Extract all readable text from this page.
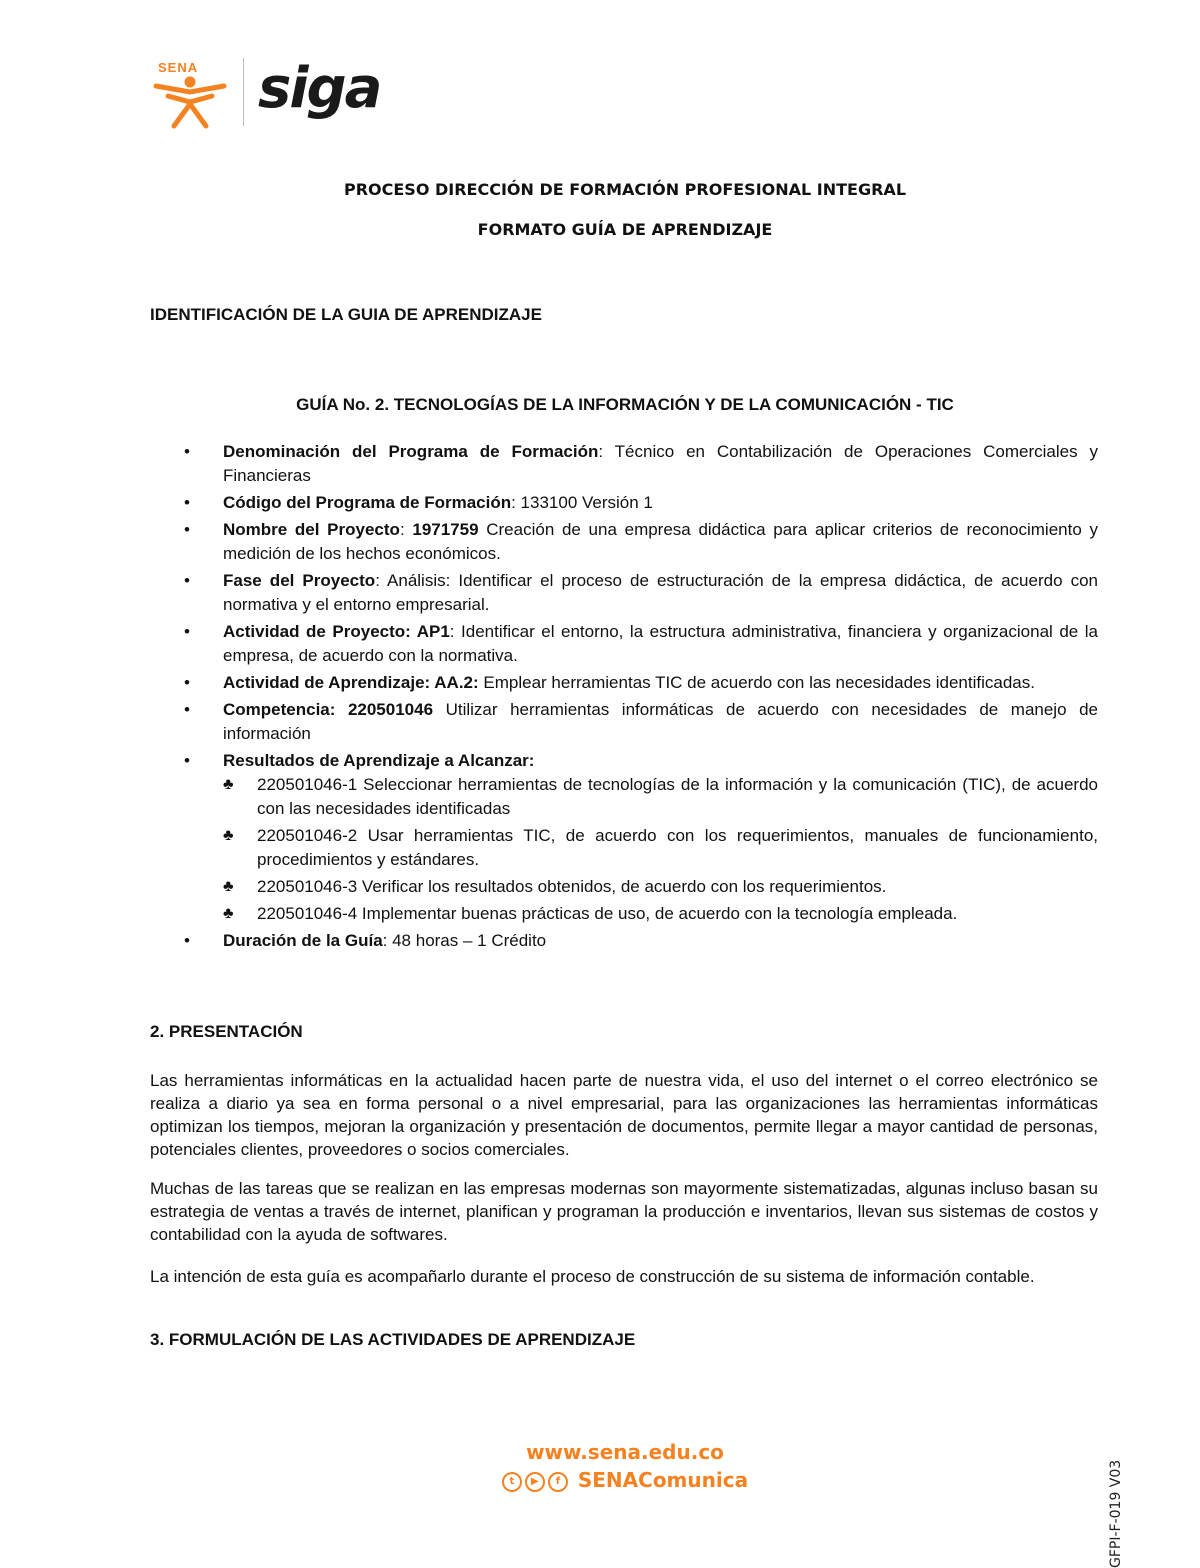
SENA siga
PROCESO DIRECCIÓN DE FORMACIÓN PROFESIONAL INTEGRAL
FORMATO GUÍA DE APRENDIZAJE
IDENTIFICACIÓN DE LA GUIA DE APRENDIZAJE
GUÍA No. 2. TECNOLOGÍAS DE LA INFORMACIÓN Y DE LA COMUNICACIÓN - TIC
• Denominación del Programa de Formación: Técnico en Contabilización de Operaciones Comerciales y Financieras
• Código del Programa de Formación: 133100 Versión 1
• Nombre del Proyecto: 1971759 Creación de una empresa didáctica para aplicar criterios de reconocimiento y medición de los hechos económicos.
• Fase del Proyecto: Análisis: Identificar el proceso de estructuración de la empresa didáctica, de acuerdo con normativa y el entorno empresarial.
• Actividad de Proyecto: AP1: Identificar el entorno, la estructura administrativa, financiera y organizacional de la empresa, de acuerdo con la normativa.
• Actividad de Aprendizaje: AA.2: Emplear herramientas TIC de acuerdo con las necesidades identificadas.
• Competencia: 220501046 Utilizar herramientas informáticas de acuerdo con necesidades de manejo de información
• Resultados de Aprendizaje a Alcanzar:
♣ 220501046-1 Seleccionar herramientas de tecnologías de la información y la comunicación (TIC), de acuerdo con las necesidades identificadas
♣ 220501046-2 Usar herramientas TIC, de acuerdo con los requerimientos, manuales de funcionamiento, procedimientos y estándares.
♣ 220501046-3 Verificar los resultados obtenidos, de acuerdo con los requerimientos.
♣ 220501046-4 Implementar buenas prácticas de uso, de acuerdo con la tecnología empleada.
• Duración de la Guía: 48 horas – 1 Crédito
2. PRESENTACIÓN
Las herramientas informáticas en la actualidad hacen parte de nuestra vida, el uso del internet o el correo electrónico se realiza a diario ya sea en forma personal o a nivel empresarial, para las organizaciones las herramientas informáticas optimizan los tiempos, mejoran la organización y presentación de documentos, permite llegar a mayor cantidad de personas, potenciales clientes, proveedores o socios comerciales.
Muchas de las tareas que se realizan en las empresas modernas son mayormente sistematizadas, algunas incluso basan su estrategia de ventas a través de internet, planifican y programan la producción e inventarios, llevan sus sistemas de costos y contabilidad con la ayuda de softwares.
La intención de esta guía es acompañarlo durante el proceso de construcción de su sistema de información contable.
3. FORMULACIÓN DE LAS ACTIVIDADES DE APRENDIZAJE
www.sena.edu.co
t ▶ f SENAComunica	GFPI-F-019 V03
